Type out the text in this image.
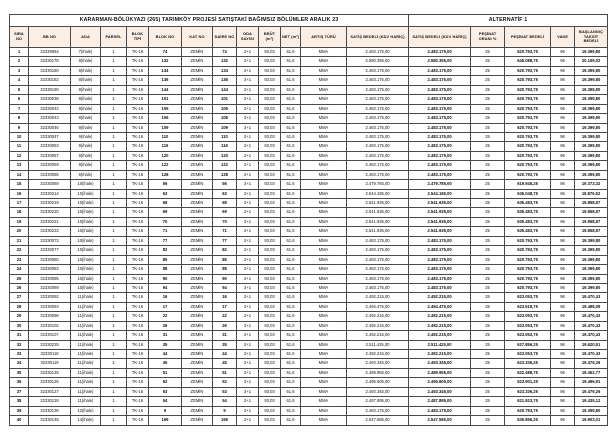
KARARMAN-BÖLÜKYAZI (265) TARIMKÖY PROJESİ SATIŞTAKİ BAĞIMSIZ BÖLÜMLER ARALIK 23													ALTERNATİF 1				
SIRA NO	BB NO	ADA	PARSEL	BLOK TİPİ	BLOK NO	KAT NO	DAİRE NO	ODA SAYISI	BRÜT (m²)	NET (m²)	ARTIŞ TÜRÜ	SATIŞ BEDELİ (KDV HARİÇ)	SATIŞ BEDELİ (KDV HARİÇ)	PEŞİNAT ORANI %	PEŞİNAT BEDELİ	VADE	BAŞLANGIÇ TAKSİT BEDELİ
1	32329964	7(ihale)	1	TK-16	74	ZEMİN	74	2+1	93,03	61,6	MMA	2.483.175,00	2.483.175,00	25	620.793,75	96	19.399,80
2	32330178	8(ihale)	1	TK-16	132	ZEMİN	132	2+1	93,03	61,6	MMA	2.580.355,00	2.580.355,00	25	645.088,75	96	20.159,02
3	32330180	8(ihale)	1	TK-16	134	ZEMİN	134	2+1	93,03	61,6	MMA	2.483.175,00	2.483.175,00	25	620.793,75	96	19.399,80
4	32330182	8(ihale)	1	TK-16	136	ZEMİN	136	2+1	93,03	61,6	MMA	2.483.175,00	2.483.175,00	25	620.793,75	96	19.399,80
5	32330190	8(ihale)	1	TK-16	144	ZEMİN	144	2+1	93,03	61,6	MMA	2.483.175,00	2.483.175,00	25	620.793,75	96	19.399,80
6	32330038	9(ihale)	1	TK-16	101	ZEMİN	101	2+1	93,03	61,6	MMA	2.483.175,00	2.483.175,00	25	620.793,75	96	19.399,80
7	32330042	9(ihale)	1	TK-16	105	ZEMİN	105	2+1	93,03	61,6	MMA	2.483.175,00	2.483.175,00	25	620.793,75	96	19.399,80
8	32330043	9(ihale)	1	TK-16	106	ZEMİN	106	2+1	93,03	61,6	MMA	2.483.175,00	2.483.175,00	25	620.793,75	96	19.399,80
9	32330046	9(ihale)	1	TK-16	109	ZEMİN	109	2+1	93,03	61,6	MMA	2.483.175,00	2.483.175,00	25	620.793,75	96	19.399,80
10	32330047	9(ihale)	1	TK-16	110	ZEMİN	110	2+1	93,03	61,6	MMA	2.483.175,00	2.483.175,00	25	620.793,75	96	19.399,80
11	32330053	9(ihale)	1	TK-16	116	ZEMİN	116	2+1	93,03	61,6	MMA	2.483.175,00	2.483.175,00	25	620.793,75	96	19.399,80
12	32330057	9(ihale)	1	TK-16	120	ZEMİN	120	2+1	93,03	61,6	MMA	2.483.175,00	2.483.175,00	25	620.793,75	96	19.399,80
13	32330059	9(ihale)	1	TK-16	122	ZEMİN	122	2+1	93,03	61,6	MMA	2.483.175,00	2.483.175,00	25	620.793,75	96	19.399,80
14	32330065	9(ihale)	1	TK-16	128	ZEMİN	128	2+1	93,03	61,6	MMA	2.483.175,00	2.483.175,00	25	620.793,75	96	19.399,80
15	32330069	10(ihale)	1	TK-16	56	ZEMİN	56	2+1	93,03	61,6	MMA	2.479.785,00	2.479.785,00	25	619.946,25	96	19.373,32
16	32330214	10(ihale)	1	TK-16	63	ZEMİN	63	2+1	93,03	61,6	MMA	2.544.195,00	2.544.195,00	25	636.048,75	96	19.876,52
17	32330219	10(ihale)	1	TK-16	68	ZEMİN	68	2+1	93,03	61,6	MMA	2.541.935,00	2.541.935,00	25	635.483,75	96	19.858,87
18	32330220	10(ihale)	1	TK-16	69	ZEMİN	69	2+1	93,03	61,6	MMA	2.541.935,00	2.541.935,00	25	635.483,75	96	19.858,87
19	32330221	10(ihale)	1	TK-16	70	ZEMİN	70	2+1	93,03	61,6	MMA	2.541.935,00	2.541.935,00	25	635.483,75	96	19.858,87
20	32330222	10(ihale)	1	TK-16	71	ZEMİN	71	2+1	93,03	61,6	MMA	2.541.935,00	2.541.935,00	25	635.483,75	96	19.858,87
21	32330072	10(ihale)	1	TK-16	77	ZEMİN	77	2+1	93,03	61,6	MMA	2.483.175,00	2.483.175,00	25	620.793,75	96	19.399,80
22	32330077	10(ihale)	1	TK-16	82	ZEMİN	82	2+1	93,03	61,6	MMA	2.483.175,00	2.483.175,00	25	620.793,75	96	19.399,80
23	32330080	10(ihale)	1	TK-16	85	ZEMİN	85	2+1	93,03	61,6	MMA	2.483.175,00	2.483.175,00	25	620.793,75	96	19.399,80
24	32330083	10(ihale)	1	TK-16	88	ZEMİN	88	2+1	93,03	61,6	MMA	2.483.175,00	2.483.175,00	25	620.793,75	96	19.399,80
25	32330085	10(ihale)	1	TK-16	90	ZEMİN	90	2+1	93,03	61,6	MMA	2.483.175,00	2.483.175,00	25	620.793,75	96	19.399,80
26	32330089	10(ihale)	1	TK-16	94	ZEMİN	94	2+1	93,03	61,6	MMA	2.483.175,00	2.483.175,00	25	620.793,75	96	19.399,80
27	32330092	11(ihale)	1	TK-16	16	ZEMİN	16	2+1	93,03	61,6	MMA	2.492.215,00	2.492.215,00	25	623.053,75	96	19.470,43
28	32330093	11(ihale)	1	TK-16	17	ZEMİN	17	2+1	93,03	61,6	MMA	2.494.475,00	2.494.475,00	25	623.618,75	96	19.488,09
29	32330098	11(ihale)	1	TK-16	22	ZEMİN	22	2+1	93,03	61,6	MMA	2.492.215,00	2.492.215,00	25	623.053,75	96	19.470,43
30	32330102	11(ihale)	1	TK-16	26	ZEMİN	26	2+1	93,03	61,6	MMA	2.492.215,00	2.492.215,00	25	623.053,75	96	19.470,43
31	32330107	11(ihale)	1	TK-16	31	ZEMİN	31	2+1	93,03	61,6	MMA	2.492.215,00	2.492.215,00	25	623.053,75	96	19.470,43
32	32330225	11(ihale)	1	TK-16	35	ZEMİN	35	2+1	93,03	61,6	MMA	2.511.425,00	2.511.425,00	25	627.856,25	96	19.620,51
33	32330118	11(ihale)	1	TK-16	44	ZEMİN	44	2+1	93,03	61,6	MMA	2.492.215,00	2.492.215,00	25	623.053,75	96	19.470,43
34	32330119	11(ihale)	1	TK-16	45	ZEMİN	45	2+1	93,03	61,6	MMA	2.493.345,00	2.493.345,00	25	623.336,25	96	19.479,26
35	32330125	11(ihale)	1	TK-16	51	ZEMİN	51	2+1	93,03	61,6	MMA	2.489.955,00	2.489.955,00	25	622.488,75	96	19.452,77
36	32330126	11(ihale)	1	TK-16	52	ZEMİN	52	2+1	93,03	61,6	MMA	2.495.605,00	2.495.605,00	25	623.901,25	96	19.496,91
37	32330127	11(ihale)	1	TK-16	53	ZEMİN	53	2+1	93,03	61,6	MMA	2.493.345,00	2.493.345,00	25	623.336,25	96	19.479,26
38	32330128	11(ihale)	1	TK-16	54	ZEMİN	54	2+1	93,03	61,6	MMA	2.487.895,00	2.487.895,00	25	621.923,75	96	19.435,12
39	32330136	12(ihale)	1	TK-16	9	ZEMİN	9	2+1	93,03	61,6	MMA	2.483.175,00	2.483.175,00	25	620.793,75	96	19.399,80
40	32330148	14(ihale)	1	TK-16	169	ZEMİN	169	2+1	93,03	61,6	MMA	2.547.585,00	2.547.585,00	25	636.896,25	96	19.903,01
